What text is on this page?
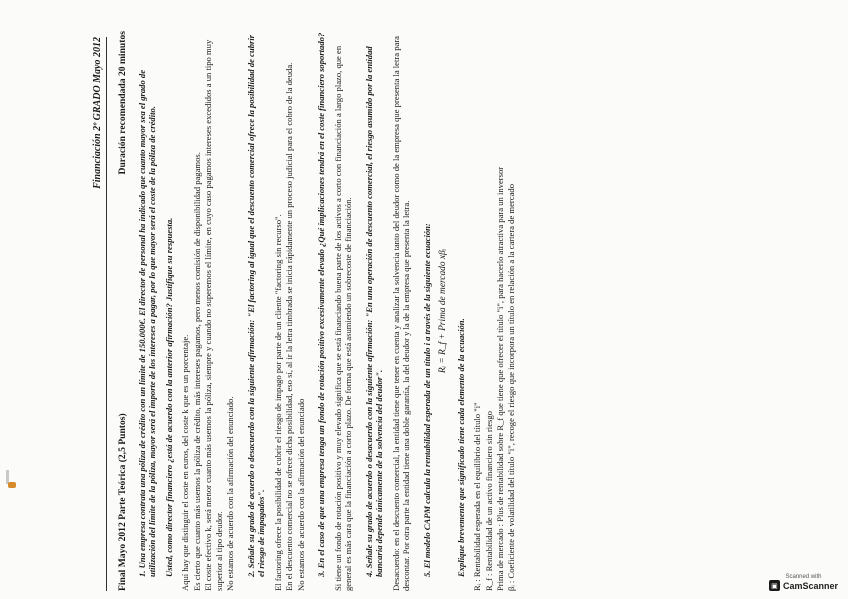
Financiación 2º GRADO Mayo 2012
Final Mayo 2012 Parte Teórica (2,5 Puntos)
Duración recomendada 20 minutos 1. Una empresa contrata una póliza de crédito con un límite de 150.000€. El director de personal ha indicado que cuanto mayor sea el grado de utilización del límite de la póliza, mayor será el importe de los intereses a pagar, por lo que mayor será el coste de la póliza de crédito. Usted, como director financiero ¿está de acuerdo con la anterior afirmación? Justifique su respuesta. Aquí hay que distinguir el coste en euros, del coste k que es un porcentaje. Es cierto que cuanto más usemos la póliza de crédito, más intereses pagamos, pero menos comisión de disponibilidad pagamos. El coste efectivo k, será menor cuanto más usemos la póliza, siempre y cuando no superemos el límite, en cuyo caso pagamos intereses excedidos a un tipo muy superior al tipo deudor. No estamos de acuerdo con la afirmación del enunciado. 2. Señale su grado de acuerdo o desacuerdo con la siguiente afirmación: "El factoring al igual que el descuento comercial ofrece la posibilidad de cubrir el riesgo de impagados". El factoring ofrece la posibilidad de cubrir el riesgo de impago por parte de un cliente "factoring sin recurso". En el descuento comercial no se ofrece dicha posibilidad, eso sí, al ir la letra timbrada se inicia rápidamente un proceso judicial para el cobro de la deuda. No estamos de acuerdo con la afirmación del enunciado 3. En el caso de que una empresa tenga un fondo de rotación positivo excesivamente elevado ¿Qué implicaciones tendrá en el coste financiero soportado? Si tiene un fondo de rotación positivo y muy elevado significa que se está financiando buena parte de los activos a corto con financiación a largo plazo, que en general es más cara que la financiación a corto plazo. De forma que está asumiendo un sobrecoste de financiación. 4. Señale su grado de acuerdo o desacuerdo con la siguiente afirmación: "En una operación de descuento comercial, el riesgo asumido por la entidad bancaria depende únicamente de la solvencia del deudor". Desacuerdo: en el descuento comercial, la entidad tiene que tener en cuenta y analizar la solvencia tanto del deudor como de la empresa que presenta la letra para descontar. Por otra parte la entidad tiene una doble garantía, la del deudor y la de la empresa que presenta la letra. 5. El modelo CAPM calcula la rentabilidad esperada de un título i a través de la siguiente ecuación: Rᵢ = R_f + Prima de mercado xβᵢ
Explique brevemente que significado tiene cada elemento de la ecuación. Rᵢ : Rentabilidad esperada en el equilibrio del título "i" R_f : Rentabilidad de un activo financiero sin riesgo Prima de mercado : Plus de rentabilidad sobre R_f que tiene que ofrecer el título "i", para hacerlo atractiva para un inversor βᵢ : Coeficiente de volatilidad del título "i", recoge el riesgo que incorpora un título en relación a la cartera de mercado	Scanned with
▣ CamScanner
